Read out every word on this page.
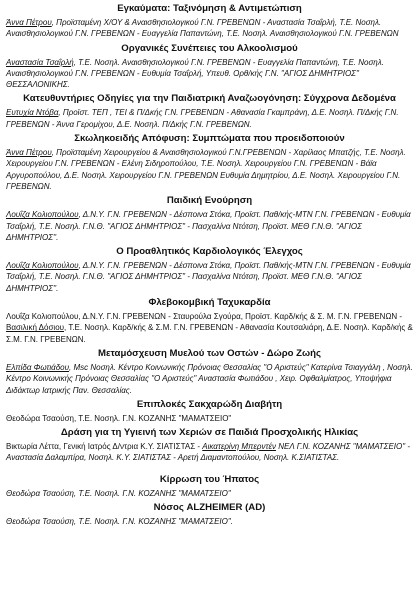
Εγκαύματα: Ταξινόμηση & Αντιμετώπιση

Άννα Πέτρου, Προϊσταμένη Χ/ΟΥ & Αναισθησιολογικού Γ.Ν. ΓΡΕΒΕΝΩΝ - Αναστασία Τσαΐρλή, Τ.Ε. Νοσηλ. Αναισθησιολογικού Γ.Ν. ΓΡΕΒΕΝΩΝ - Ευαγγελία Παπαντώνη, Τ.Ε. Νοσηλ. Αναισθησιολογικού Γ.Ν. ΓΡΕΒΕΝΩΝ

Οργανικές Συνέπειες του Αλκοολισμού

Αναστασία Τσαΐρλή, Τ.Ε. Νοσηλ. Αναισθησιολογικού Γ.Ν. ΓΡΕΒΕΝΩΝ - Ευαγγελία Παπαντώνη, Τ.Ε. Νοσηλ. Αναισθησιολογικού Γ.Ν. ΓΡΕΒΕΝΩΝ - Ευθυμία Τσαΐρλή, Υπευθ. Ορθ/κής Γ.Ν. "ΑΓΙΟΣ ΔΗΜΗΤΡΙΟΣ'' ΘΕΣΣΑΛΟΝΙΚΗΣ.

Κατευθυντήριες Οδηγίες για την Παιδιατρική Αναζωογόνηση: Σύγχρονα Δεδομένα

Ευτυχία Ντόβα, Προϊστ. ΤΕΠ , ΤΕΙ & Π/Δκής Γ.Ν. ΓΡΕΒΕΝΩΝ - Αθανασία Γκαμπράνη, Δ.Ε. Νοσηλ. Π/Δκής Γ.Ν. ΓΡΕΒΕΝΩΝ - Άννα Γερομίχου, Δ.Ε. Νοσηλ. Π/Δκής Γ.Ν. ΓΡΕΒΕΝΩΝ.

Σκωληκοειδής Απόφυση: Συμπτώματα που προειδοποιούν

Άννα Πέτρου, Προϊσταμένη Χειρουργείου & Αναισθησιολογικού Γ.Ν.ΓΡΕΒΕΝΩΝ - Χαρίλαος Μπατζής, Τ.Ε. Νοσηλ. Χειρουργείου Γ.Ν. ΓΡΕΒΕΝΩΝ - Ελένη Σιδηροπούλου, Τ.Ε. Νοσηλ. Χειρουργείου Γ.Ν. ΓΡΕΒΕΝΩΝ - Βάϊα Αργυροπούλου, Δ.Ε. Νοσηλ. Χειρουργείου Γ.Ν. ΓΡΕΒΕΝΩΝ Ευθυμία Δημητρίου, Δ.Ε. Νοσηλ. Χειρουργείου Γ.Ν. ΓΡΕΒΕΝΩΝ.

Παιδική Ενούρηση

Λουΐζα Κολιοπούλου, Δ.Ν.Υ. Γ.Ν. ΓΡΕΒΕΝΩΝ - Δέσποινα Στόκα, Προϊστ. Παθ/κής-ΜΤΝ Γ.Ν. ΓΡΕΒΕΝΩΝ - Ευθυμία Τσαΐρλή, Τ.Ε. Νοσηλ. Γ.Ν.Θ. "ΑΓΙΟΣ ΔΗΜΗΤΡΙΟΣ" - Πασχαλίνα Ντότση, Προϊστ. ΜΕΘ Γ.Ν.Θ. "ΑΓΙΟΣ ΔΗΜΗΤΡΙΟΣ''.

Ο Προαθλητικός Καρδιολογικός Έλεγχος

Λουΐζα Κολιοπούλου, Δ.Ν.Υ. Γ.Ν. ΓΡΕΒΕΝΩΝ - Δέσποινα Στόκα, Προϊστ. Παθ/κής-ΜΤΝ Γ.Ν. ΓΡΕΒΕΝΩΝ - Ευθυμία Τσαΐρλή, Τ.Ε. Νοσηλ. Γ.Ν.Θ. "ΑΓΙΟΣ ΔΗΜΗΤΡΙΟΣ" - Πασχαλίνα Ντότση, Προϊστ. ΜΕΘ Γ.Ν.Θ. "ΑΓΙΟΣ ΔΗΜΗΤΡΙΟΣ''.

Φλεβοκομβική Ταχυκαρδία

Λουΐζα Κολιοπούλου, Δ.Ν.Υ. Γ.Ν. ΓΡΕΒΕΝΩΝ - Σταυρούλα Σγούρα, Προϊστ. Καρδ/κής & Σ. Μ. Γ.Ν. ΓΡΕΒΕΝΩΝ - Βασιλική Δόσιου, Τ.Ε. Νοσηλ. Καρδ/κής & Σ.Μ. Γ.Ν. ΓΡΕΒΕΝΩΝ - Αθανασία Κουτσαλιάρη, Δ.Ε. Νοσηλ. Καρδ/κής & Σ.Μ. Γ.Ν. ΓΡΕΒΕΝΩΝ.

Μεταμόσχευση Μυελού των Οστών - Δώρο Ζωής

Ελπίδα Φωτιάδου, Msc Νοσηλ. Κέντρο Κοινωνικής Πρόνοιας Θεσσαλίας "Ο Αριστεύς" Κατερίνα Τσιαγγάλη , Νοσηλ. Κέντρο Κοινωνικής Πρόνοιας Θεσσαλίας "Ο Αριστεύς" Αναστασία Φωτιάδου , Χειρ. Οφθαλμίατρος, Υποψήφια Διδάκτωρ Ιατρικής Παν. Θεσσαλίας.

Επιπλοκές Σακχαρώδη Διαβήτη

Θεοδώρα Τσαούση, Τ.Ε. Νοσηλ. Γ.Ν. ΚΟΖΑΝΗΣ "ΜΑΜΑΤΣΕΙΟ"

Δράση για τη Υγιεινή των Χεριών σε Παιδιά Προσχολικής Ηλικίας

Βικτωρία Λέττα, Γενική Ιατρός Δ/ντρια Κ.Υ. ΣΙΑΤΙΣΤΑΣ - Αικατερίνη Μπερντέν ΝΕΛ Γ.Ν. ΚΟΖΑΝΗΣ "ΜΑΜΑΤΣΕΙΟ" - Αναστασία Δαλαμπίρα, Νοσηλ. Κ.Υ. ΣΙΑΤΙΣΤΑΣ - Αρετή Διαμαντοπούλου, Νοσηλ. Κ.ΣΙΑΤΙΣΤΑΣ.

Κίρρωση του Ήπατος

Θεοδώρα Τσαούση, Τ.Ε. Νοσηλ. Γ.Ν. ΚΟΖΑΝΗΣ "ΜΑΜΑΤΣΕΙΟ"

Νόσος ALZHEIMER (AD)

Θεοδώρα Τσαούση, Τ.Ε. Νοσηλ. Γ.Ν. ΚΟΖΑΝΗΣ "ΜΑΜΑΤΣΕΙΟ".
